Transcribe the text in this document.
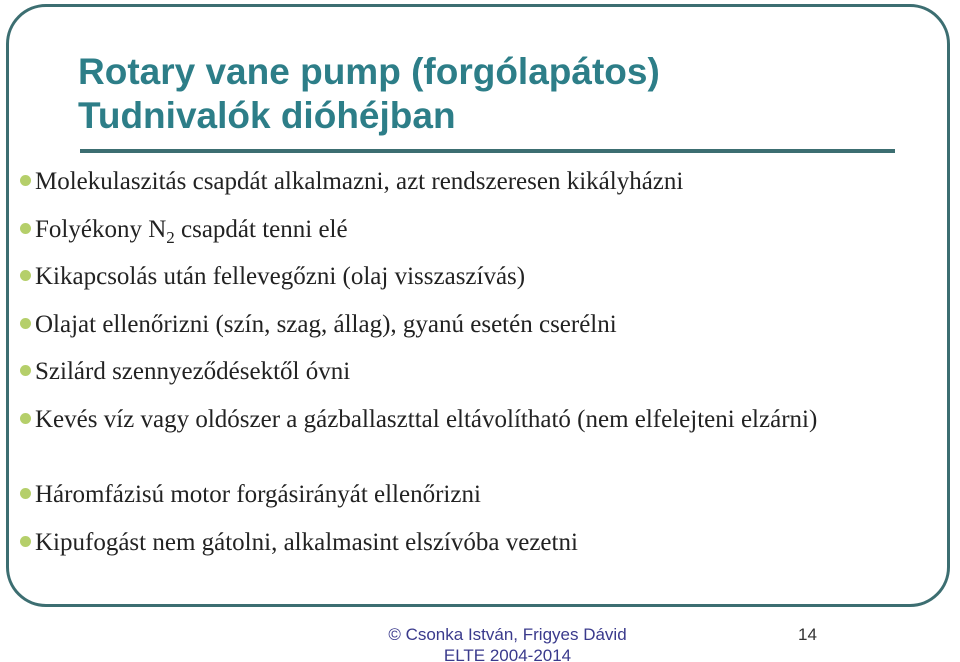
Rotary vane pump (forgólapátos)
Tudnivalók dióhéjban
Molekulaszitás csapdát alkalmazni, azt rendszeresen kikályházni
Folyékony $N_2$ csapdát tenni elé
Kikapcsolás után fellevegőzni (olaj visszaszívás)
Olajat ellenőrizni (szín, szag, állag), gyanú esetén cserélni
Szilárd szennyeződésektől óvni
Kevés víz vagy oldószer a gázballaszttal eltávolítható (nem elfelejteni elzárni)
Háromfázisú motor forgásirányát ellenőrizni
Kipufogást nem gátolni, alkalmasint elszívóba vezetni
© Csonka István, Frigyes Dávid
ELTE 2004-2014
14
